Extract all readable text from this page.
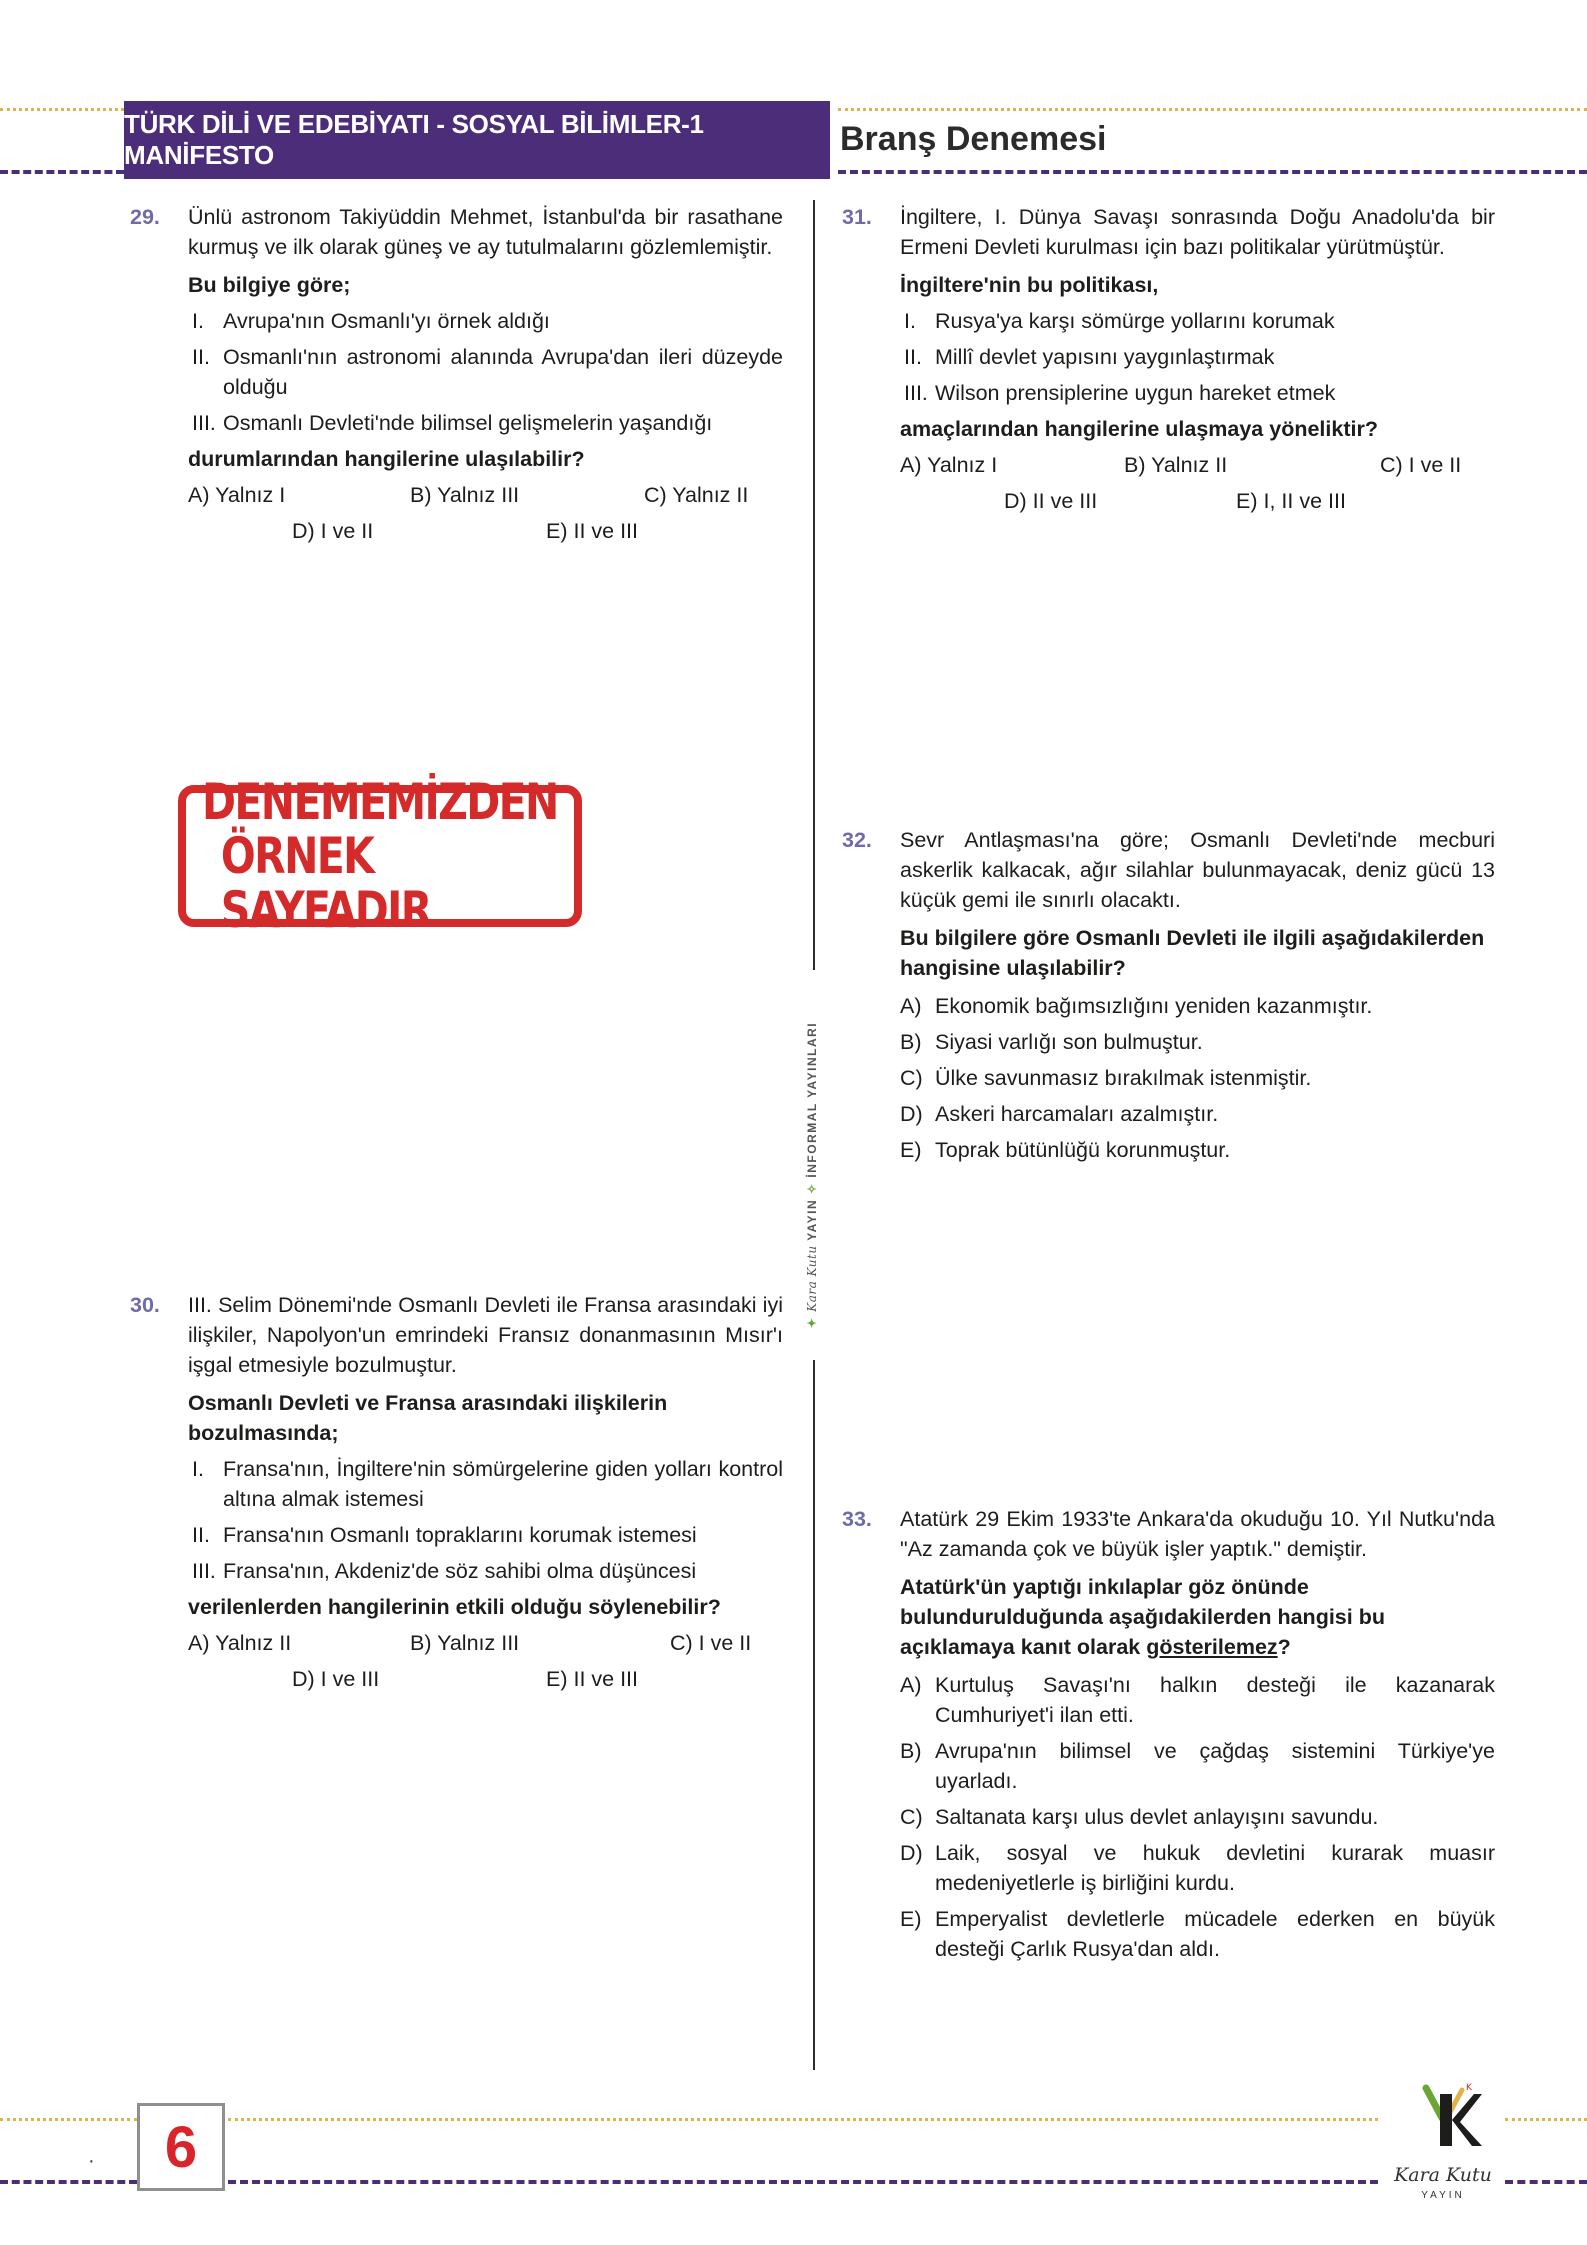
TÜRK DİLİ VE EDEBİYATI - SOSYAL BİLİMLER-1 MANİFESTO	Branş Denemesi
✦ Kara Kutu YAYIN ✧ İNFORMAL YAYINLARI
29. Ünlü astronom Takiyüddin Mehmet, İstanbul'da bir rasathane kurmuş ve ilk olarak güneş ve ay tutulmalarını gözlemlemiştir.

Bu bilgiye göre;

I. Avrupa'nın Osmanlı'yı örnek aldığı
II. Osmanlı'nın astronomi alanında Avrupa'dan ileri düzeyde olduğu
III. Osmanlı Devleti'nde bilimsel gelişmelerin yaşandığı

durumlarından hangilerine ulaşılabilir?

A) Yalnız I	B) Yalnız III	C) Yalnız II
D) I ve II	E) II ve III
DENEMEMİZDEN
ÖRNEK SAYFADIR
30. III. Selim Dönemi'nde Osmanlı Devleti ile Fransa arasındaki iyi ilişkiler, Napolyon'un emrindeki Fransız donanmasının Mısır'ı işgal etmesiyle bozulmuştur.

Osmanlı Devleti ve Fransa arasındaki ilişkilerin bozulmasında;

I. Fransa'nın, İngiltere'nin sömürgelerine giden yolları kontrol altına almak istemesi
II. Fransa'nın Osmanlı topraklarını korumak istemesi
III. Fransa'nın, Akdeniz'de söz sahibi olma düşüncesi

verilenlerden hangilerinin etkili olduğu söylenebilir?

A) Yalnız II	B) Yalnız III	C) I ve II
D) I ve III	E) II ve III
31. İngiltere, I. Dünya Savaşı sonrasında Doğu Anadolu'da bir Ermeni Devleti kurulması için bazı politikalar yürütmüştür.

İngiltere'nin bu politikası,

I. Rusya'ya karşı sömürge yollarını korumak
II. Millî devlet yapısını yaygınlaştırmak
III. Wilson prensiplerine uygun hareket etmek

amaçlarından hangilerine ulaşmaya yöneliktir?

A) Yalnız I	B) Yalnız II	C) I ve II
D) II ve III	E) I, II ve III
32. Sevr Antlaşması'na göre; Osmanlı Devleti'nde mecburi askerlik kalkacak, ağır silahlar bulunmayacak, deniz gücü 13 küçük gemi ile sınırlı olacaktı.

Bu bilgilere göre Osmanlı Devleti ile ilgili aşağıdakilerden hangisine ulaşılabilir?

A) Ekonomik bağımsızlığını yeniden kazanmıştır.
B) Siyasi varlığı son bulmuştur.
C) Ülke savunmasız bırakılmak istenmiştir.
D) Askeri harcamaları azalmıştır.
E) Toprak bütünlüğü korunmuştur.
33. Atatürk 29 Ekim 1933'te Ankara'da okuduğu 10. Yıl Nutku'nda "Az zamanda çok ve büyük işler yaptık." demiştir.

Atatürk'ün yaptığı inkılaplar göz önünde bulundurulduğunda aşağıdakilerden hangisi bu açıklamaya kanıt olarak gösterilemez?

A) Kurtuluş Savaşı'nı halkın desteği ile kazanarak Cumhuriyet'i ilan etti.
B) Avrupa'nın bilimsel ve çağdaş sistemini Türkiye'ye uyarladı.
C) Saltanata karşı ulus devlet anlayışını savundu.
D) Laik, sosyal ve hukuk devletini kurarak muasır medeniyetlerle iş birliğini kurdu.
E) Emperyalist devletlerle mücadele ederken en büyük desteği Çarlık Rusya'dan aldı.
· 6
K
Kara Kutu
YAYIN
